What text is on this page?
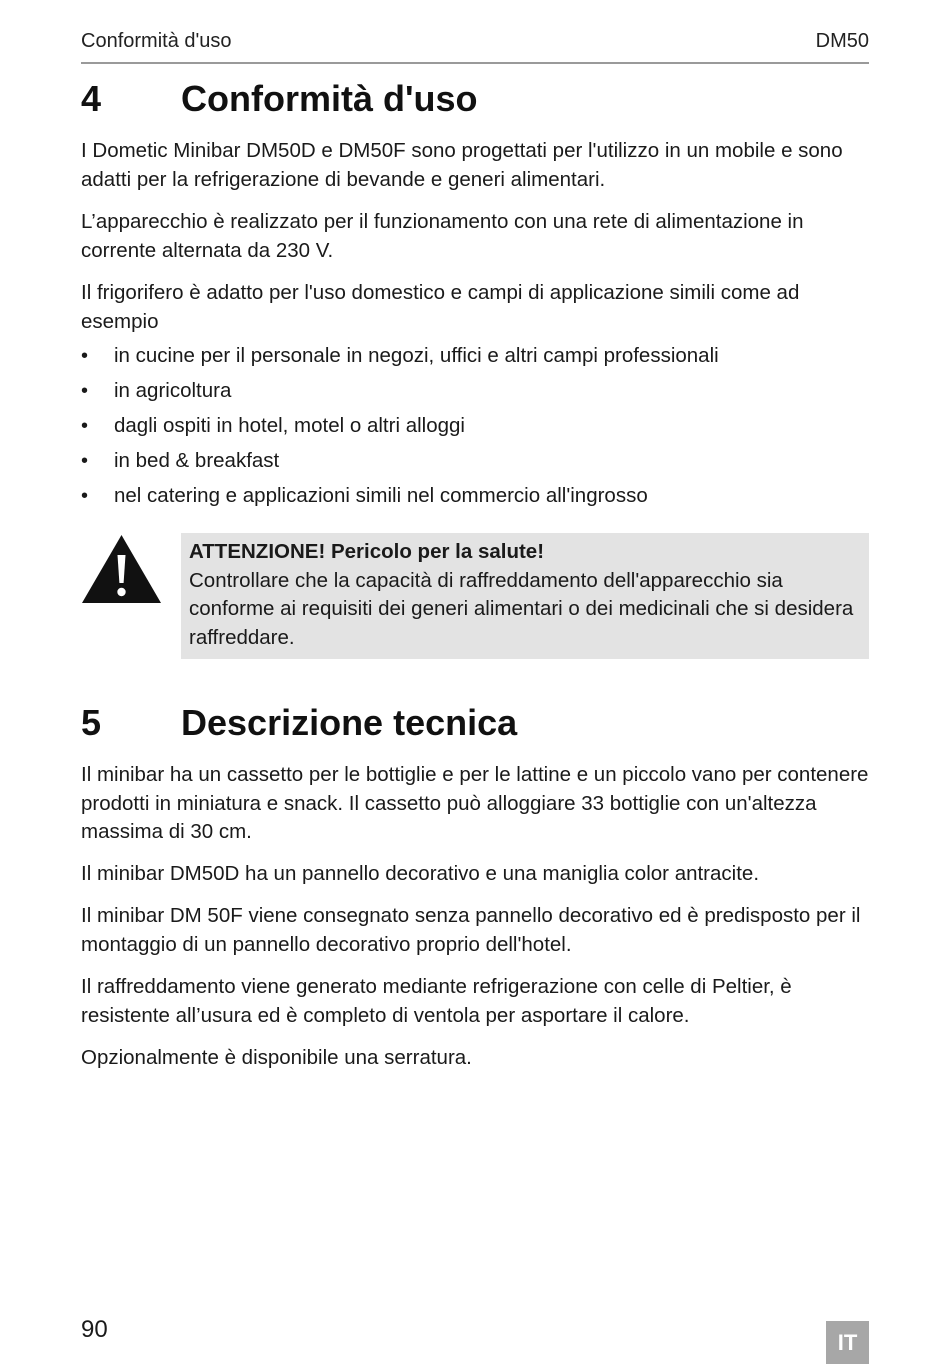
Conformità d'uso	DM50
4	Conformità d'uso

I Dometic Minibar DM50D e DM50F sono progettati per l'utilizzo in un mobile e sono adatti per la refrigerazione di bevande e generi alimentari.

L’apparecchio è realizzato per il funzionamento con una rete di alimentazione in corrente alternata da 230 V.

Il frigorifero è adatto per l'uso domestico e campi di applicazione simili come ad esempio

•	in cucine per il personale in negozi, uffici e altri campi professionali
•	in agricoltura
•	dagli ospiti in hotel, motel o altri alloggi
•	in bed & breakfast
•	nel catering e applicazioni simili nel commercio all'ingrosso
ATTENZIONE! Pericolo per la salute!
Controllare che la capacità di raffreddamento dell'apparecchio sia conforme ai requisiti dei generi alimentari o dei medicinali che si desidera raffreddare.
5	Descrizione tecnica

Il minibar ha un cassetto per le bottiglie e per le lattine e un piccolo vano per contenere prodotti in miniatura e snack. Il cassetto può alloggiare 33 bottiglie con un'altezza massima di 30 cm.

Il minibar DM50D ha un pannello decorativo e una maniglia color antracite.

Il minibar DM 50F viene consegnato senza pannello decorativo ed è predisposto per il montaggio di un pannello decorativo proprio dell'hotel.

Il raffreddamento viene generato mediante refrigerazione con celle di Peltier, è resistente all’usura ed è completo di ventola per asportare il calore.

Opzionalmente è disponibile una serratura.

90	IT
